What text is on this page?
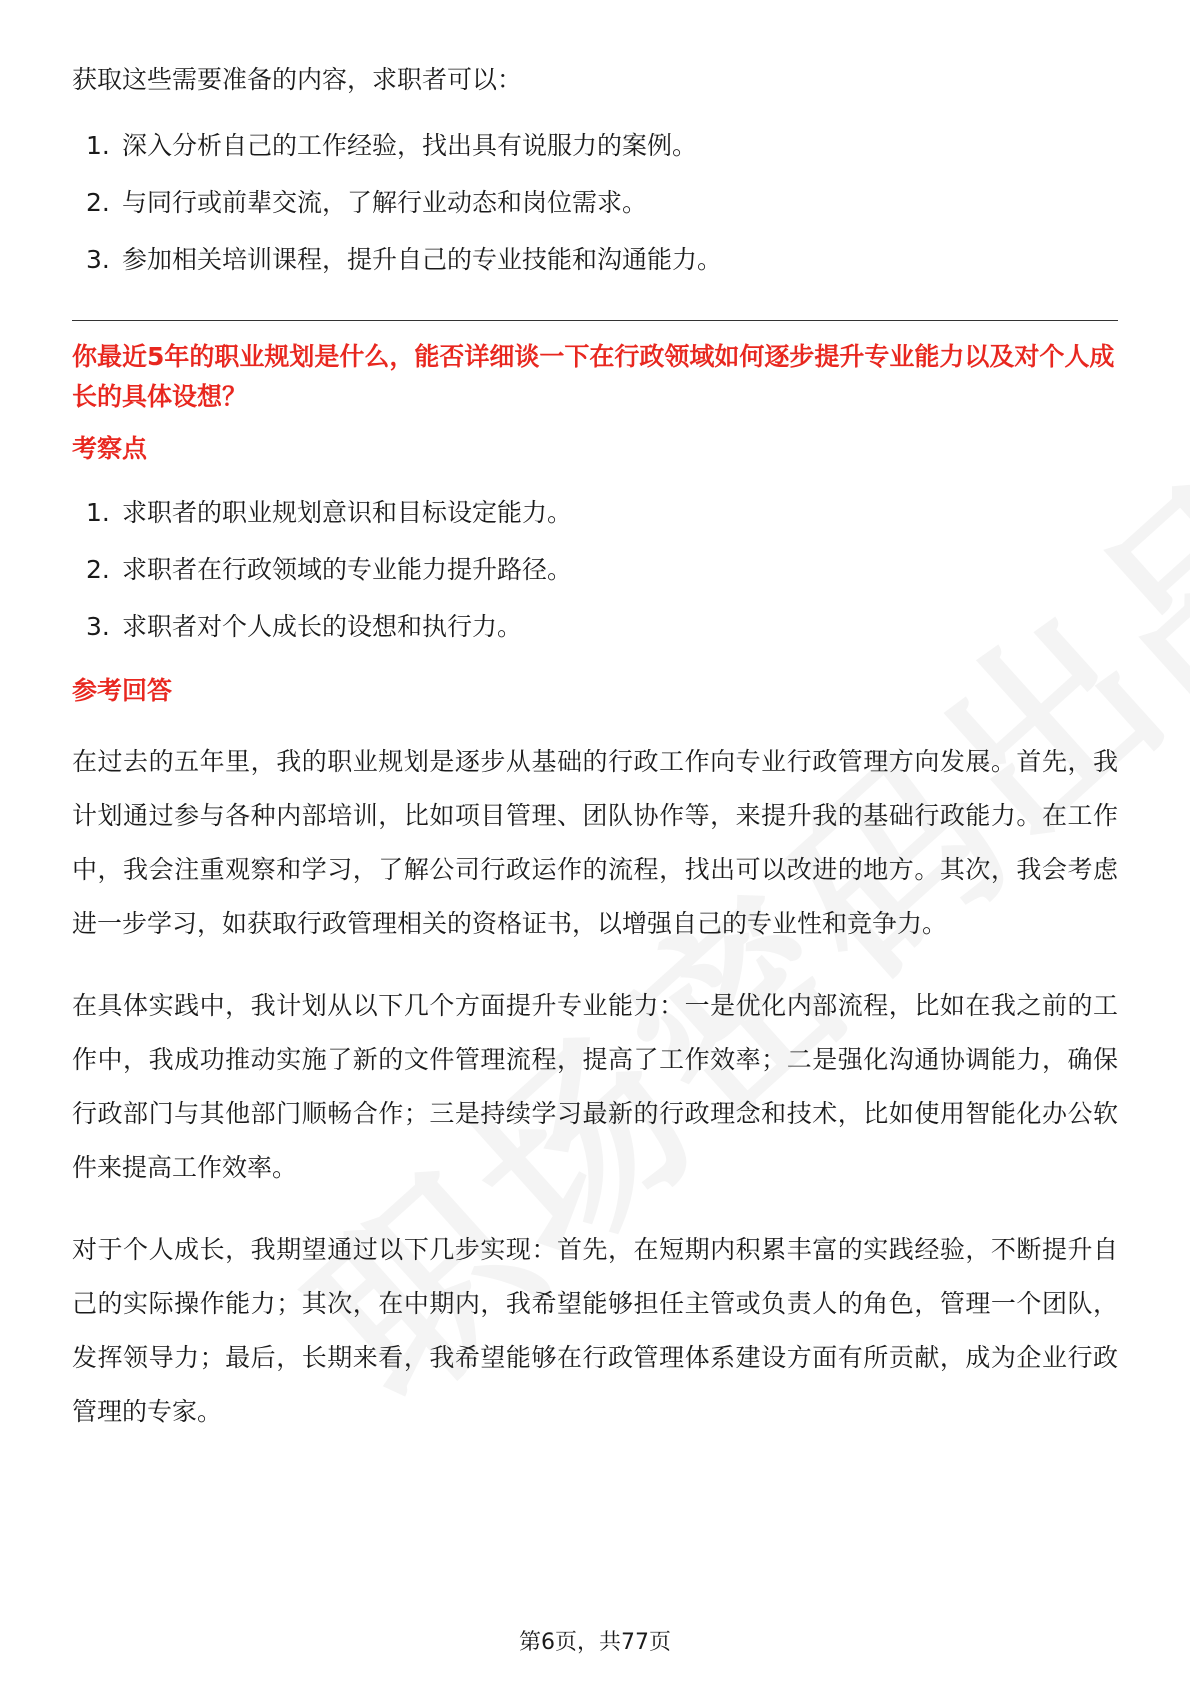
获取这些需要准备的内容，求职者可以：

1. 深入分析自己的工作经验，找出具有说服力的案例。
2. 与同行或前辈交流，了解行业动态和岗位需求。
3. 参加相关培训课程，提升自己的专业技能和沟通能力。

你最近5年的职业规划是什么，能否详细谈一下在行政领域如何逐步提升专业能力以及对个人成长的具体设想？

考察点

1. 求职者的职业规划意识和目标设定能力。
2. 求职者在行政领域的专业能力提升路径。
3. 求职者对个人成长的设想和执行力。

参考回答

在过去的五年里，我的职业规划是逐步从基础的行政工作向专业行政管理方向发展。首先，我计划通过参与各种内部培训，比如项目管理、团队协作等，来提升我的基础行政能力。在工作中，我会注重观察和学习，了解公司行政运作的流程，找出可以改进的地方。其次，我会考虑进一步学习，如获取行政管理相关的资格证书，以增强自己的专业性和竞争力。

在具体实践中，我计划从以下几个方面提升专业能力：一是优化内部流程，比如在我之前的工作中，我成功推动实施了新的文件管理流程，提高了工作效率；二是强化沟通协调能力，确保行政部门与其他部门顺畅合作；三是持续学习最新的行政理念和技术，比如使用智能化办公软件来提高工作效率。

对于个人成长，我期望通过以下几步实现：首先，在短期内积累丰富的实践经验，不断提升自己的实际操作能力；其次，在中期内，我希望能够担任主管或负责人的角色，管理一个团队，发挥领导力；最后，长期来看，我希望能够在行政管理体系建设方面有所贡献，成为企业行政管理的专家。

第6页，共77页
